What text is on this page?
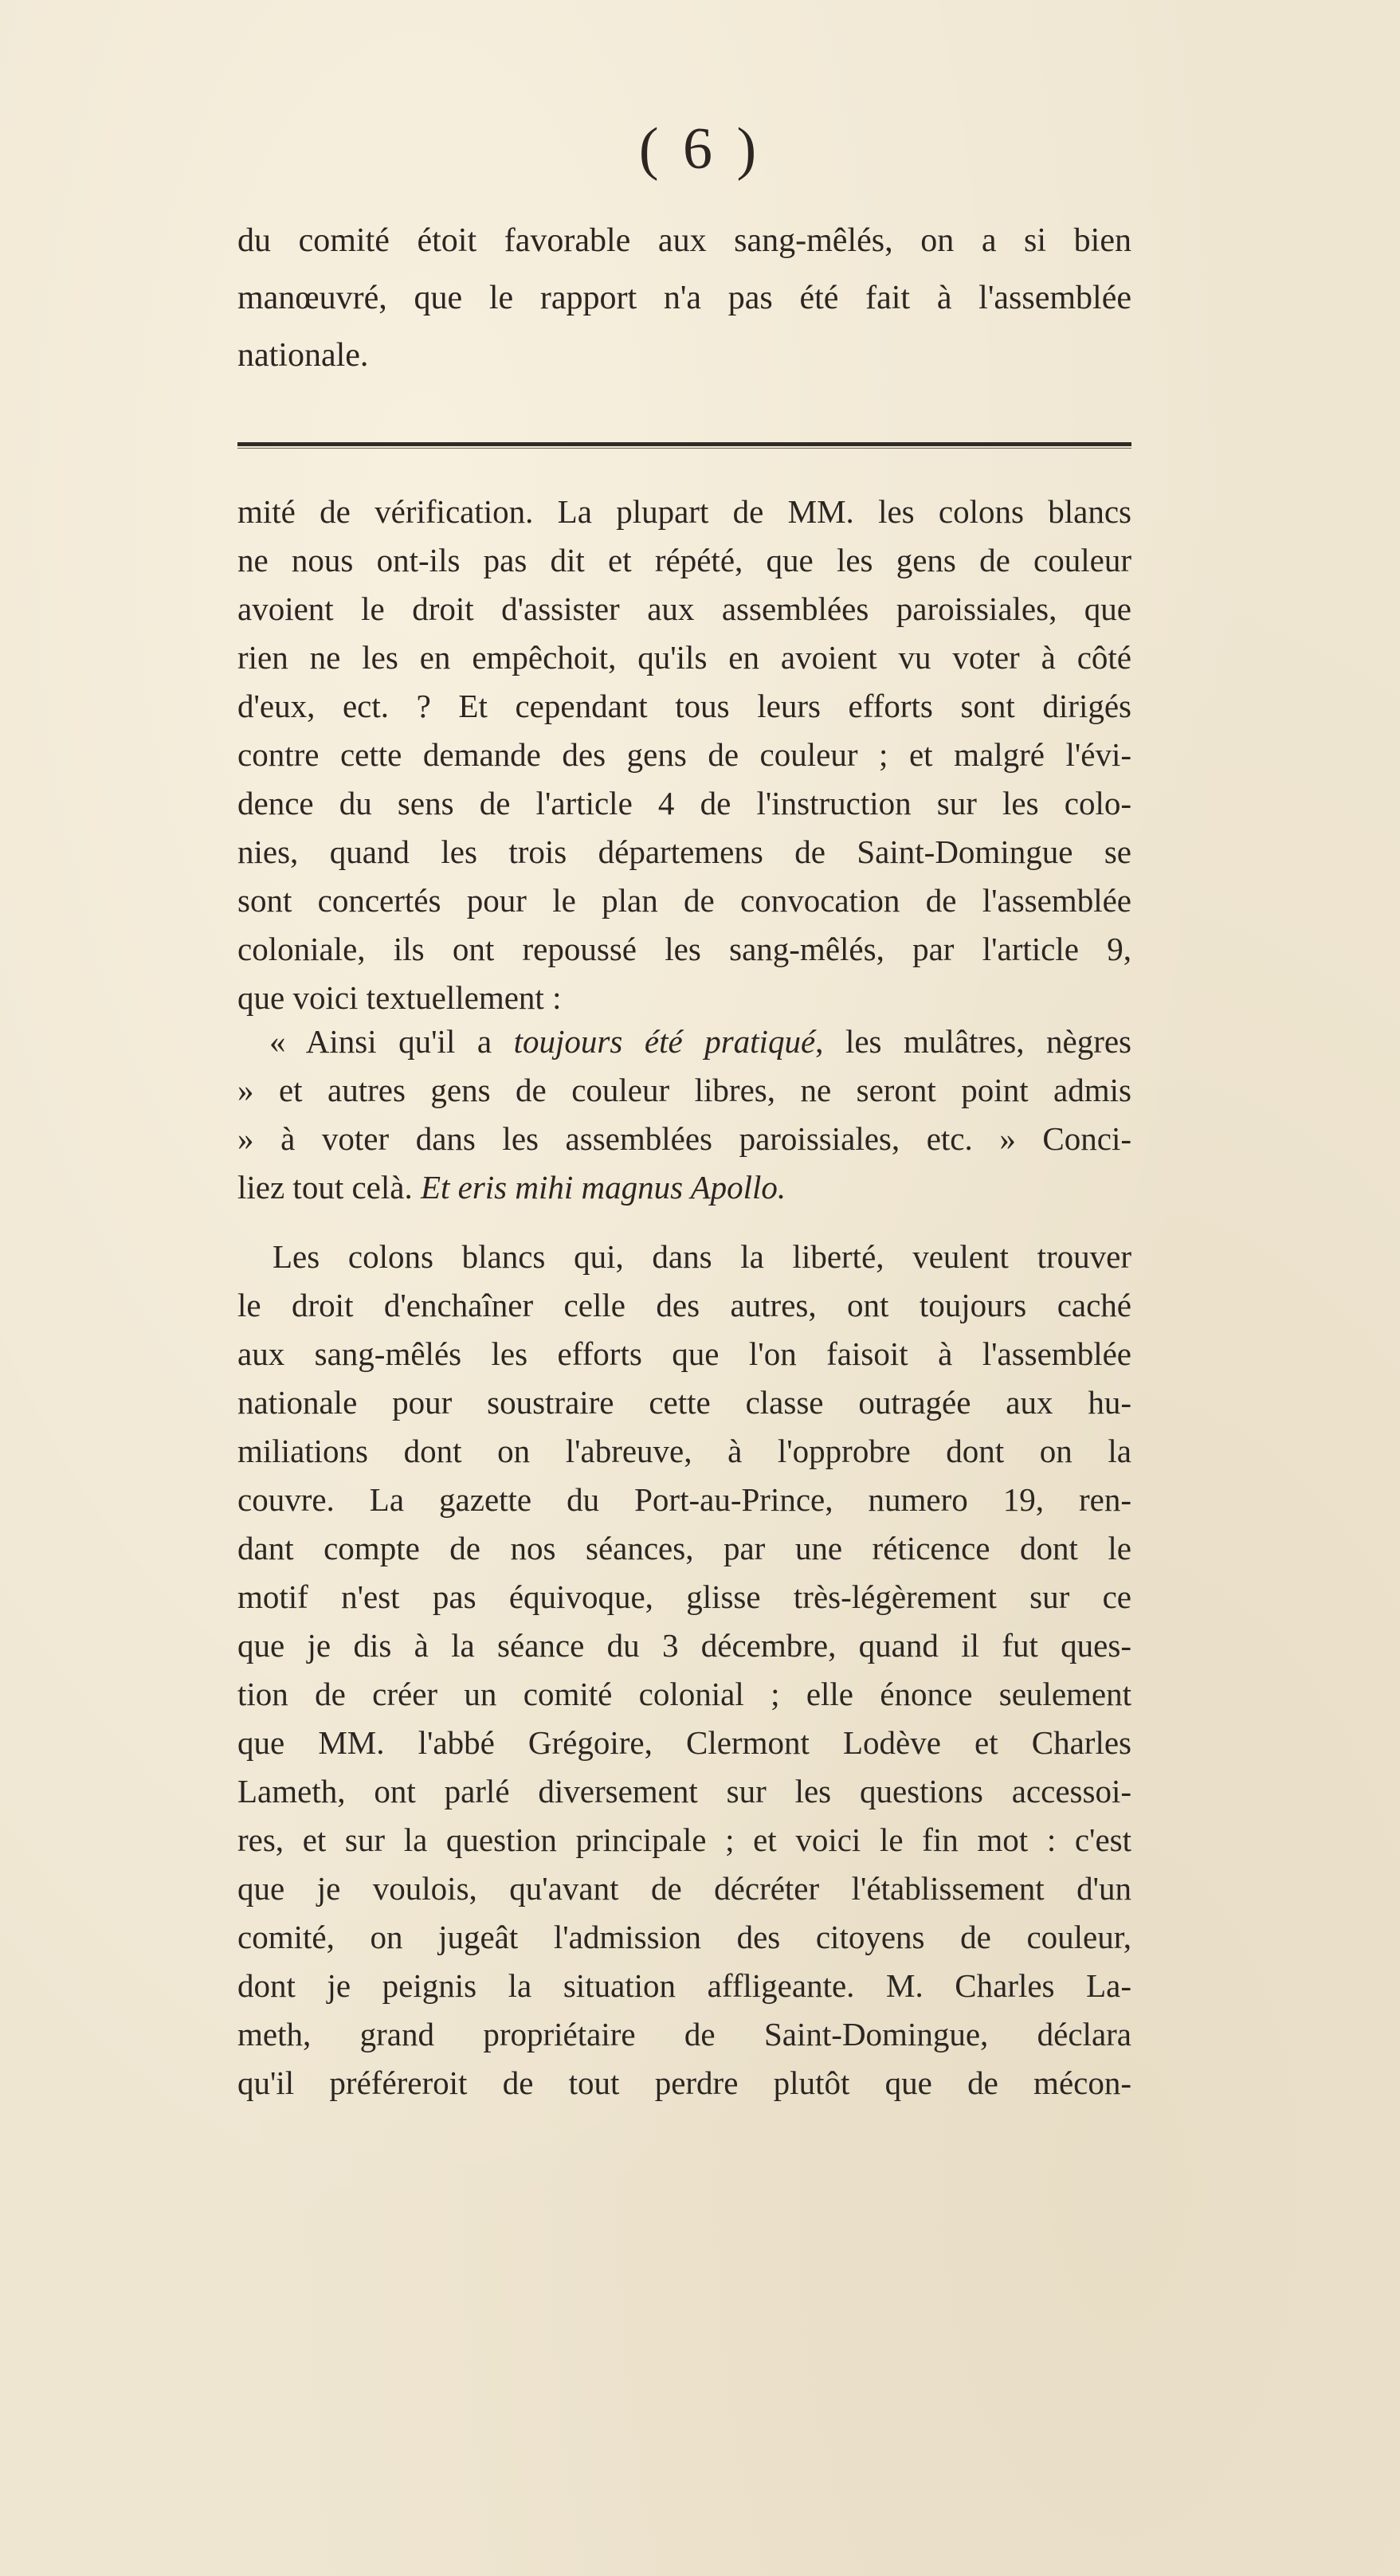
( 6 )
du comité étoit favorable aux sang-mêlés, on a si bien
manœuvré, que le rapport n'a pas été fait à l'assemblée
nationale.
mité de vérification. La plupart de MM. les colons blancs
ne nous ont-ils pas dit et répété, que les gens de couleur
avoient le droit d'assister aux assemblées paroissiales, que
rien ne les en empêchoit, qu'ils en avoient vu voter à côté
d'eux, ect. ? Et cependant tous leurs efforts sont dirigés
contre cette demande des gens de couleur ; et malgré l'évi-
dence du sens de l'article 4 de l'instruction sur les colo-
nies, quand les trois départemens de Saint-Domingue se
sont concertés pour le plan de convocation de l'assemblée
coloniale, ils ont repoussé les sang-mêlés, par l'article 9,
que voici textuellement :
« Ainsi qu'il a toujours été pratiqué, les mulâtres, nègres
» et autres gens de couleur libres, ne seront point admis
» à voter dans les assemblées paroissiales, etc. » Conci-
liez tout celà. Et eris mihi magnus Apollo.
Les colons blancs qui, dans la liberté, veulent trouver
le droit d'enchaîner celle des autres, ont toujours caché
aux sang-mêlés les efforts que l'on faisoit à l'assemblée
nationale pour soustraire cette classe outragée aux hu-
miliations dont on l'abreuve, à l'opprobre dont on la
couvre. La gazette du Port-au-Prince, numero 19, ren-
dant compte de nos séances, par une réticence dont le
motif n'est pas équivoque, glisse très-légèrement sur ce
que je dis à la séance du 3 décembre, quand il fut ques-
tion de créer un comité colonial ; elle énonce seulement
que MM. l'abbé Grégoire, Clermont Lodève et Charles
Lameth, ont parlé diversement sur les questions accessoi-
res, et sur la question principale ; et voici le fin mot : c'est
que je voulois, qu'avant de décréter l'établissement d'un
comité, on jugeât l'admission des citoyens de couleur,
dont je peignis la situation affligeante. M. Charles La-
meth, grand propriétaire de Saint-Domingue, déclara
qu'il préféreroit de tout perdre plutôt que de mécon-
